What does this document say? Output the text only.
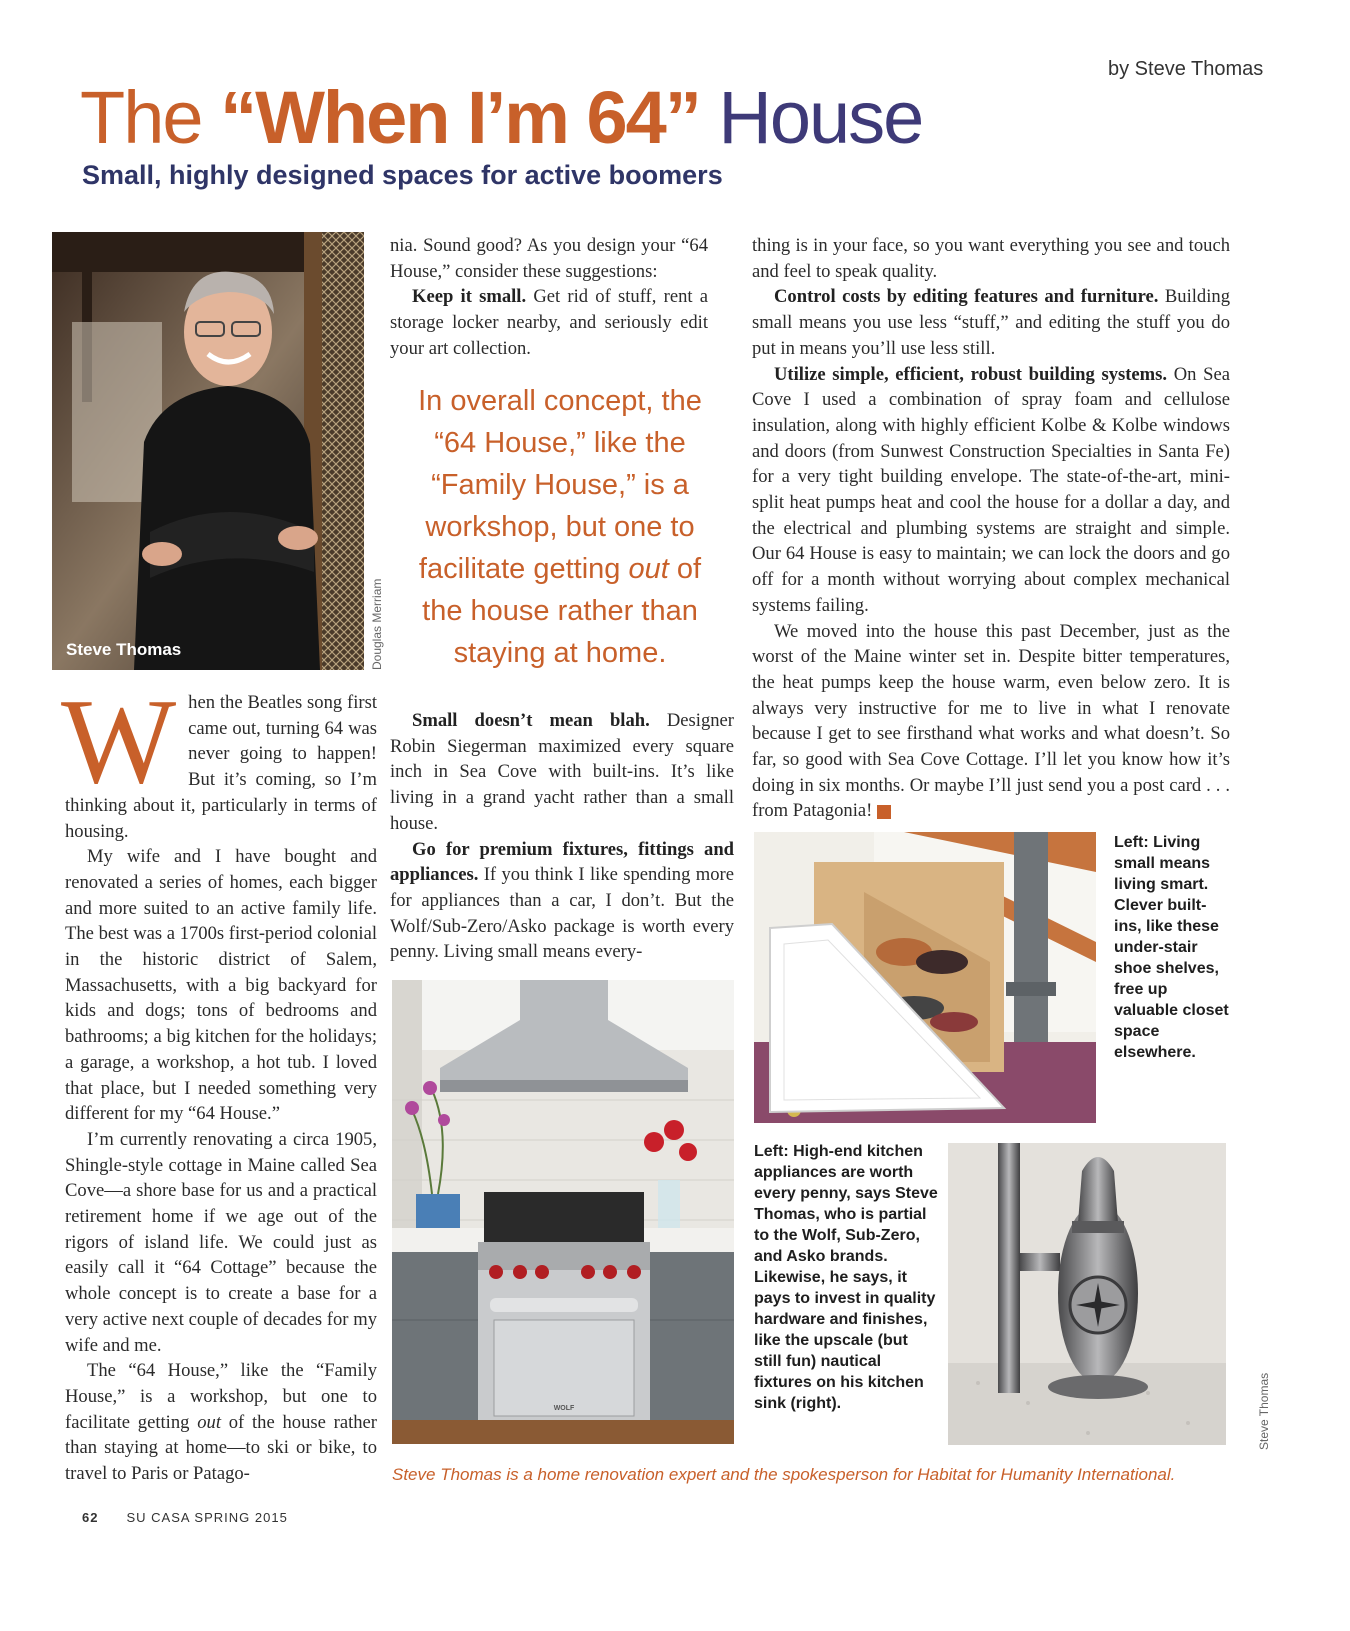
by Steve Thomas
The “When I’m 64” House
Small, highly designed spaces for active boomers
Steve Thomas	Douglas Merriam

When the Beatles song first came out, turning 64 was never going to happen! But it’s coming, so I’m thinking about it, particularly in terms of housing.

My wife and I have bought and renovated a series of homes, each bigger and more suited to an active family life. The best was a 1700s first-period colonial in the historic district of Salem, Massachusetts, with a big backyard for kids and dogs; tons of bedrooms and bathrooms; a big kitchen for the holidays; a garage, a workshop, a hot tub. I loved that place, but I needed something very different for my “64 House.”

I’m currently renovating a circa 1905, Shingle-style cottage in Maine called Sea Cove—a shore base for us and a practical retirement home if we age out of the rigors of island life. We could just as easily call it “64 Cottage” because the whole concept is to create a base for a very active next couple of decades for my wife and me.

The “64 House,” like the “Family House,” is a workshop, but one to facilitate getting out of the house rather than staying at home—to ski or bike, to travel to Paris or Patago-

nia. Sound good? As you design your “64 House,” consider these suggestions:

Keep it small. Get rid of stuff, rent a storage locker nearby, and seriously edit your art collection.

In overall concept, the “64 House,” like the “Family House,” is a workshop, but one to facilitate getting out of the house rather than staying at home.

Small doesn’t mean blah. Designer Robin Siegerman maximized every square inch in Sea Cove with built-ins. It’s like living in a grand yacht rather than a small house.

Go for premium fixtures, fittings and appliances. If you think I like spending more for appliances than a car, I don’t. But the Wolf/Sub-Zero/Asko package is worth every penny. Living small means every-

WOLF

thing is in your face, so you want everything you see and touch and feel to speak quality.

Control costs by editing features and furniture. Building small means you use less “stuff,” and editing the stuff you do put in means you’ll use less still.

Utilize simple, efficient, robust building systems. On Sea Cove I used a combination of spray foam and cellulose insulation, along with highly efficient Kolbe & Kolbe windows and doors (from Sunwest Construction Specialties in Santa Fe) for a very tight building envelope. The state-of-the-art, mini-split heat pumps heat and cool the house for a dollar a day, and the electrical and plumbing systems are straight and simple. Our 64 House is easy to maintain; we can lock the doors and go off for a month without worrying about complex mechanical systems failing.

We moved into the house this past December, just as the worst of the Maine winter set in. Despite bitter temperatures, the heat pumps keep the house warm, even below zero. It is always very instructive for me to live in what I renovate because I get to see firsthand what works and what doesn’t. So far, so good with Sea Cove Cottage. I’ll let you know how it’s doing in six months. Or maybe I’ll just send you a post card . . . from Patagonia!	SC

Left: Living small means living smart. Clever built-ins, like these under-stair shoe shelves, free up valuable closet space elsewhere.
Left: High-end kitchen appliances are worth every penny, says Steve Thomas, who is partial to the Wolf, Sub-Zero, and Asko brands. Likewise, he says, it pays to invest in quality hardware and finishes, like the upscale (but still fun) nautical fixtures on his kitchen sink (right).	Steve Thomas
Steve Thomas is a home renovation expert and the spokesperson for Habitat for Humanity International.
62 SU CASA SPRING 2015
